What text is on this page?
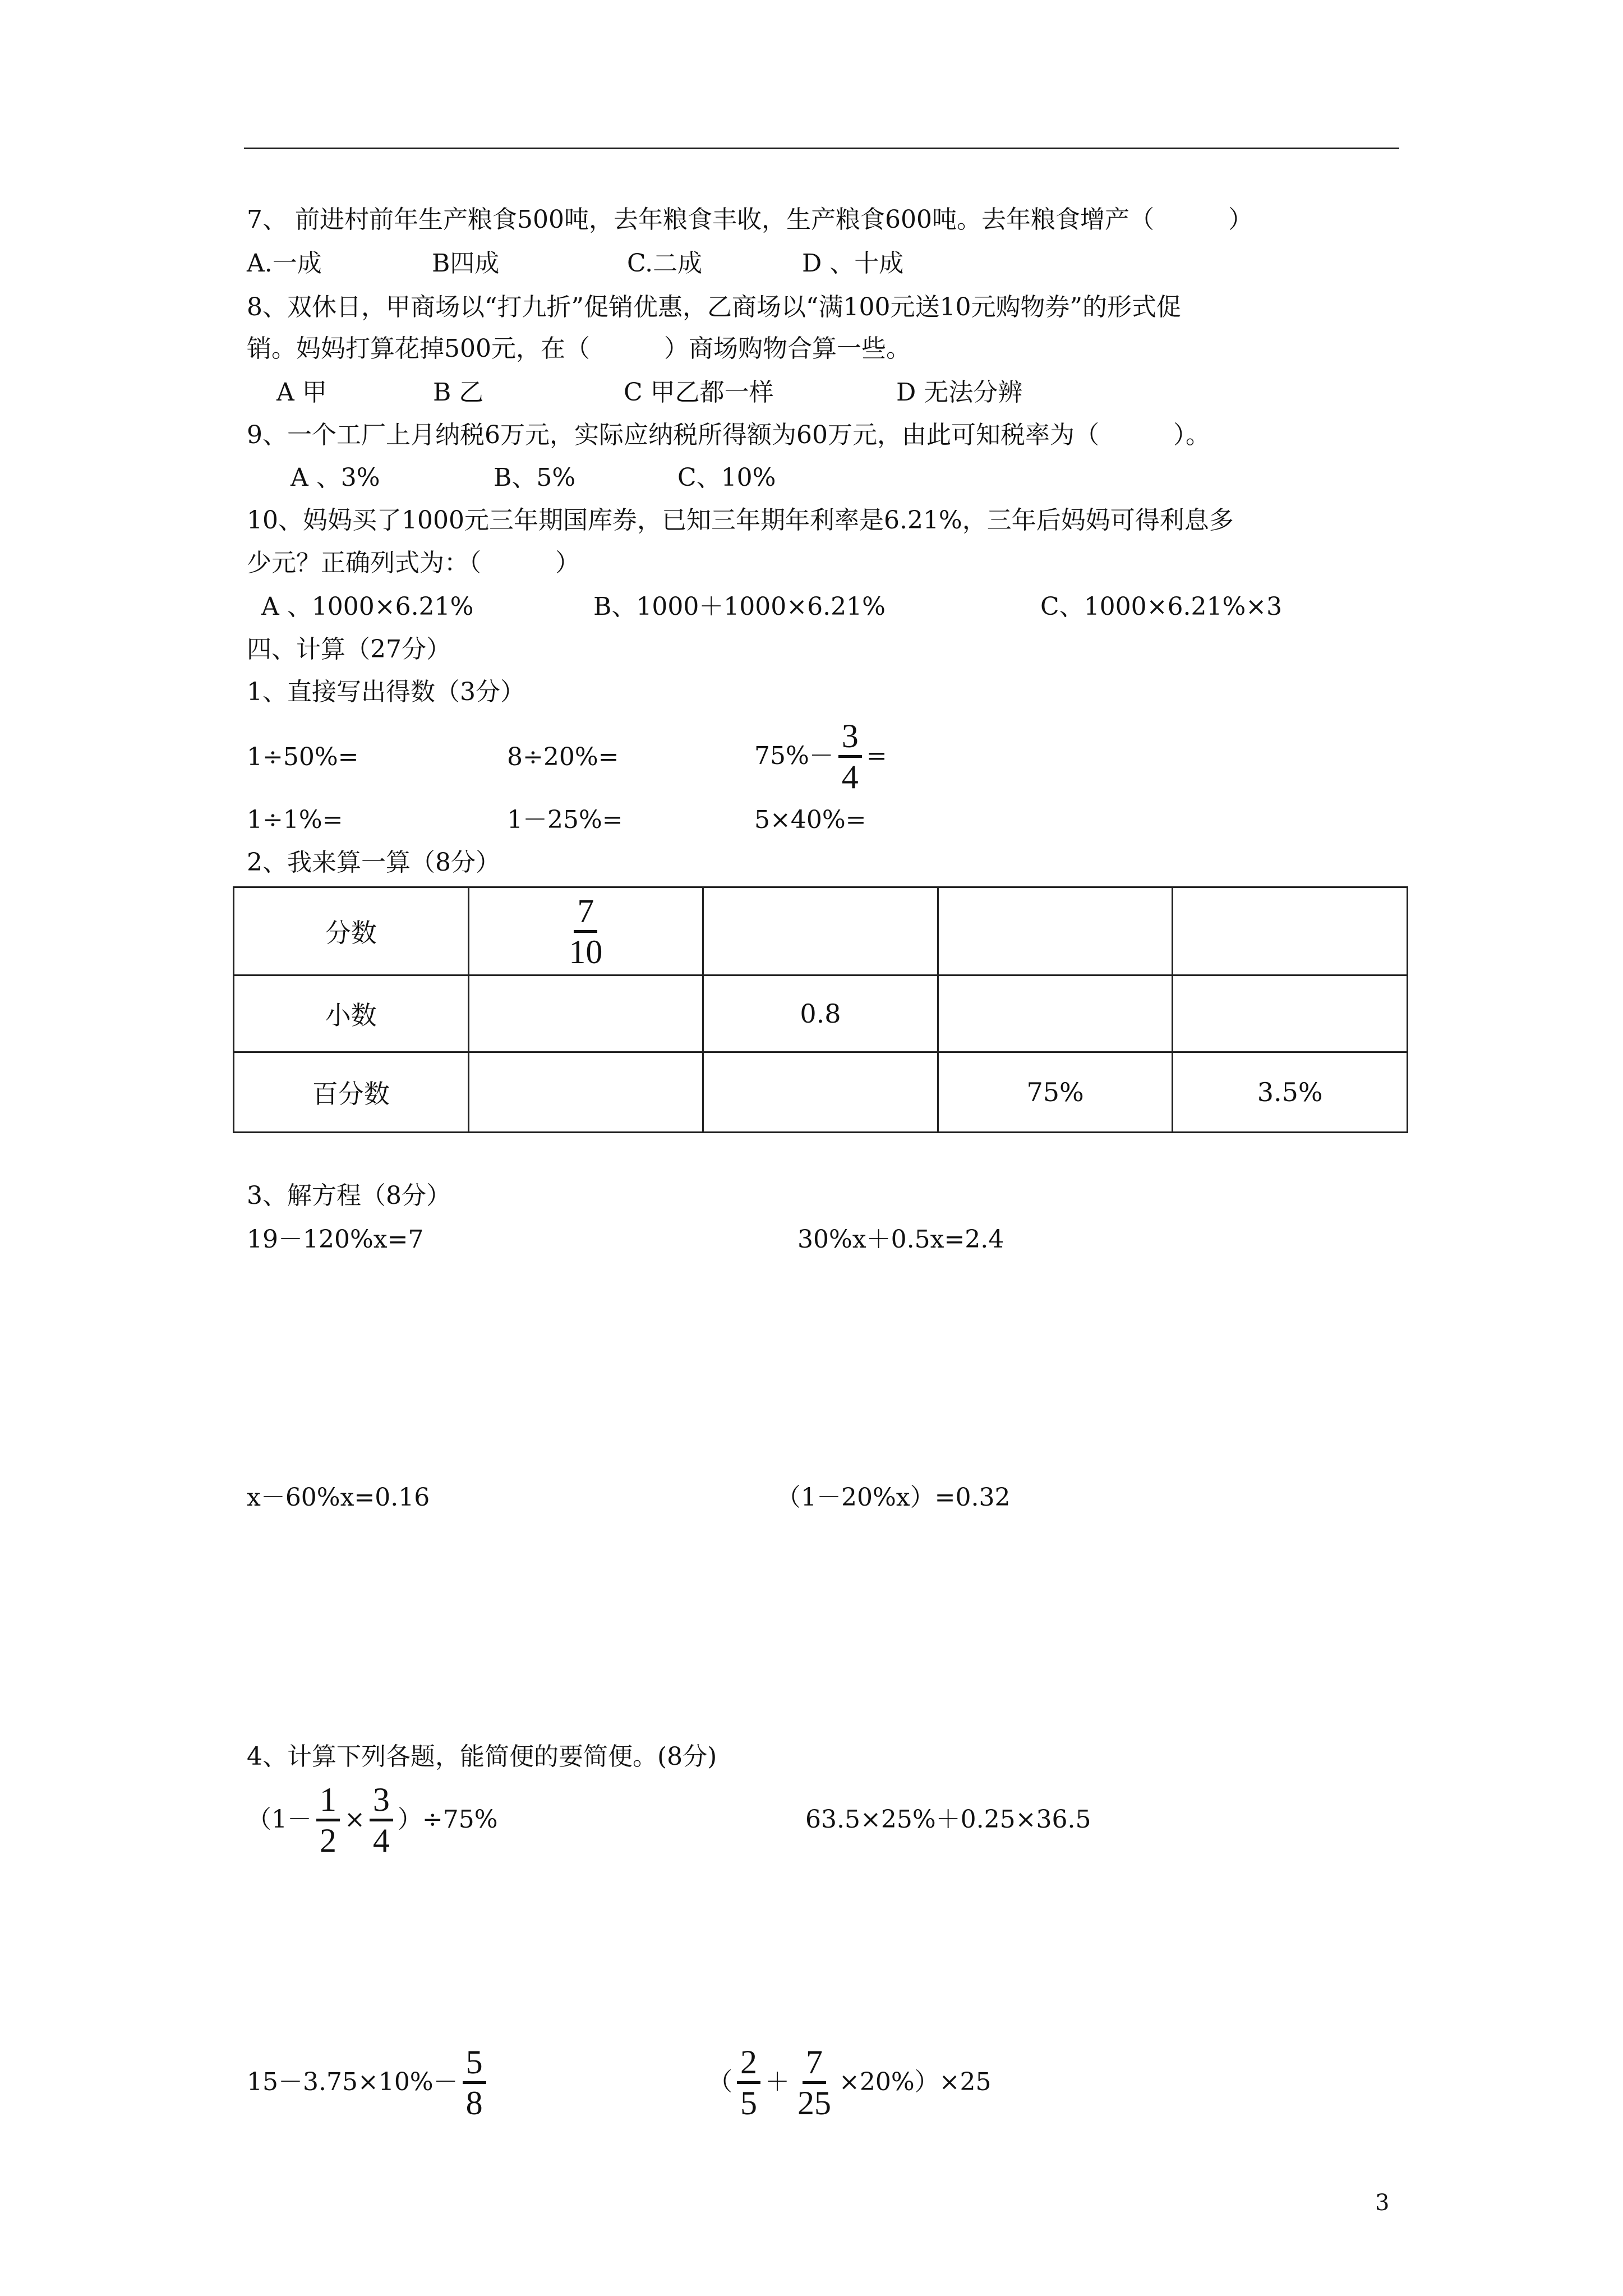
7、 前进村前年生产粮食500吨，去年粮食丰收，生产粮食600吨。去年粮食增产（　　　）
A.一成	B四成	C.二成	D 、十成
8、双休日，甲商场以“打九折”促销优惠，乙商场以“满100元送10元购物券”的形式促
销。妈妈打算花掉500元，在（　　　）商场购物合算一些。
A 甲	B 乙	C 甲乙都一样	D 无法分辨
9、一个工厂上月纳税6万元，实际应纳税所得额为60万元，由此可知税率为（　　　）。
A 、3%	B、5%	C、10%
10、妈妈买了1000元三年期国库券，已知三年期年利率是6.21%，三年后妈妈可得利息多
少元？正确列式为：（　　　）
A 、1000×6.21%	B、1000＋1000×6.21%	C、1000×6.21%×3
四、计算（27分）
1、直接写出得数（3分）
1÷50%=	8÷20%=	$75\%- \frac{3}{4}$ =
1÷1%=	1－25%=	5×40%=
2、我来算一算（8分）
分数	$\frac{7}{10}$

小数		0.8		
百分数			75%	3.5%
3、解方程（8分）
19－120%x=7	30%x＋0.5x=2.4
x－60%x=0.16	（1－20%x）=0.32
4、计算下列各题，能简便的要简便。(8分)
$(1- \frac{1}{2} \times \frac{3}{4} )\div 75\%$	63.5×25%＋0.25×36.5
$15-3.75\times 10\%- \frac{5}{8}$	（ $\frac{2}{5} + \frac{7}{25} \times 20\%)\times 25$
3
